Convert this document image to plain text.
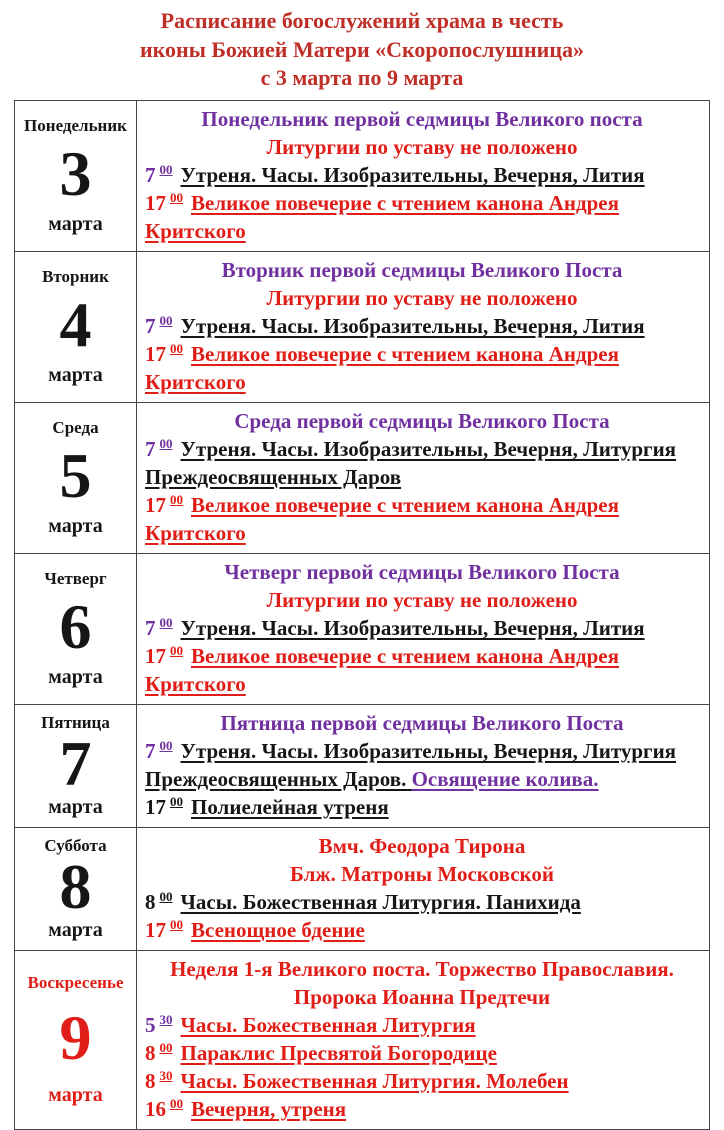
Расписание богослужений храма в честь
иконы Божией Матери «Скоропослушница»
с 3 марта по 9 марта
Понедельник
3
марта
Понедельник первой седмицы Великого поста
Литургии по уставу не положено
7 $^{00}$ Утреня. Часы. Изобразительны, Вечерня, Лития
17 $^{00}$ Великое повечерие с чтением канона Андрея Критского
Вторник
4
марта
Вторник первой седмицы Великого Поста
Литургии по уставу не положено
7 $^{00}$ Утреня. Часы. Изобразительны, Вечерня, Лития
17 $^{00}$ Великое повечерие с чтением канона Андрея Критского
Среда
5
марта
Среда первой седмицы Великого Поста
7 $^{00}$ Утреня. Часы. Изобразительны, Вечерня, Литургия Преждеосвященных Даров
17 $^{00}$ Великое повечерие с чтением канона Андрея Критского
Четверг
6
марта
Четверг первой седмицы Великого Поста
Литургии по уставу не положено
7 $^{00}$ Утреня. Часы. Изобразительны, Вечерня, Лития
17 $^{00}$ Великое повечерие с чтением канона Андрея Критского
Пятница
7
марта
Пятница первой седмицы Великого Поста
7 $^{00}$ Утреня. Часы. Изобразительны, Вечерня, Литургия Преждеосвященных Даров. Освящение колива.
17 $^{00}$ Полиелейная утреня
Суббота
8
марта
Вмч. Феодора Тирона
Блж. Матроны Московской
8 $^{00}$ Часы. Божественная Литургия. Панихида
17 $^{00}$ Всенощное бдение
Воскресенье
9
марта
Неделя 1-я Великого поста. Торжество Православия. Пророка Иоанна Предтечи
5 $^{30}$ Часы. Божественная Литургия
8 $^{00}$ Параклис Пресвятой Богородице
8 $^{30}$ Часы. Божественная Литургия. Молебен
16 $^{00}$ Вечерня, утреня
